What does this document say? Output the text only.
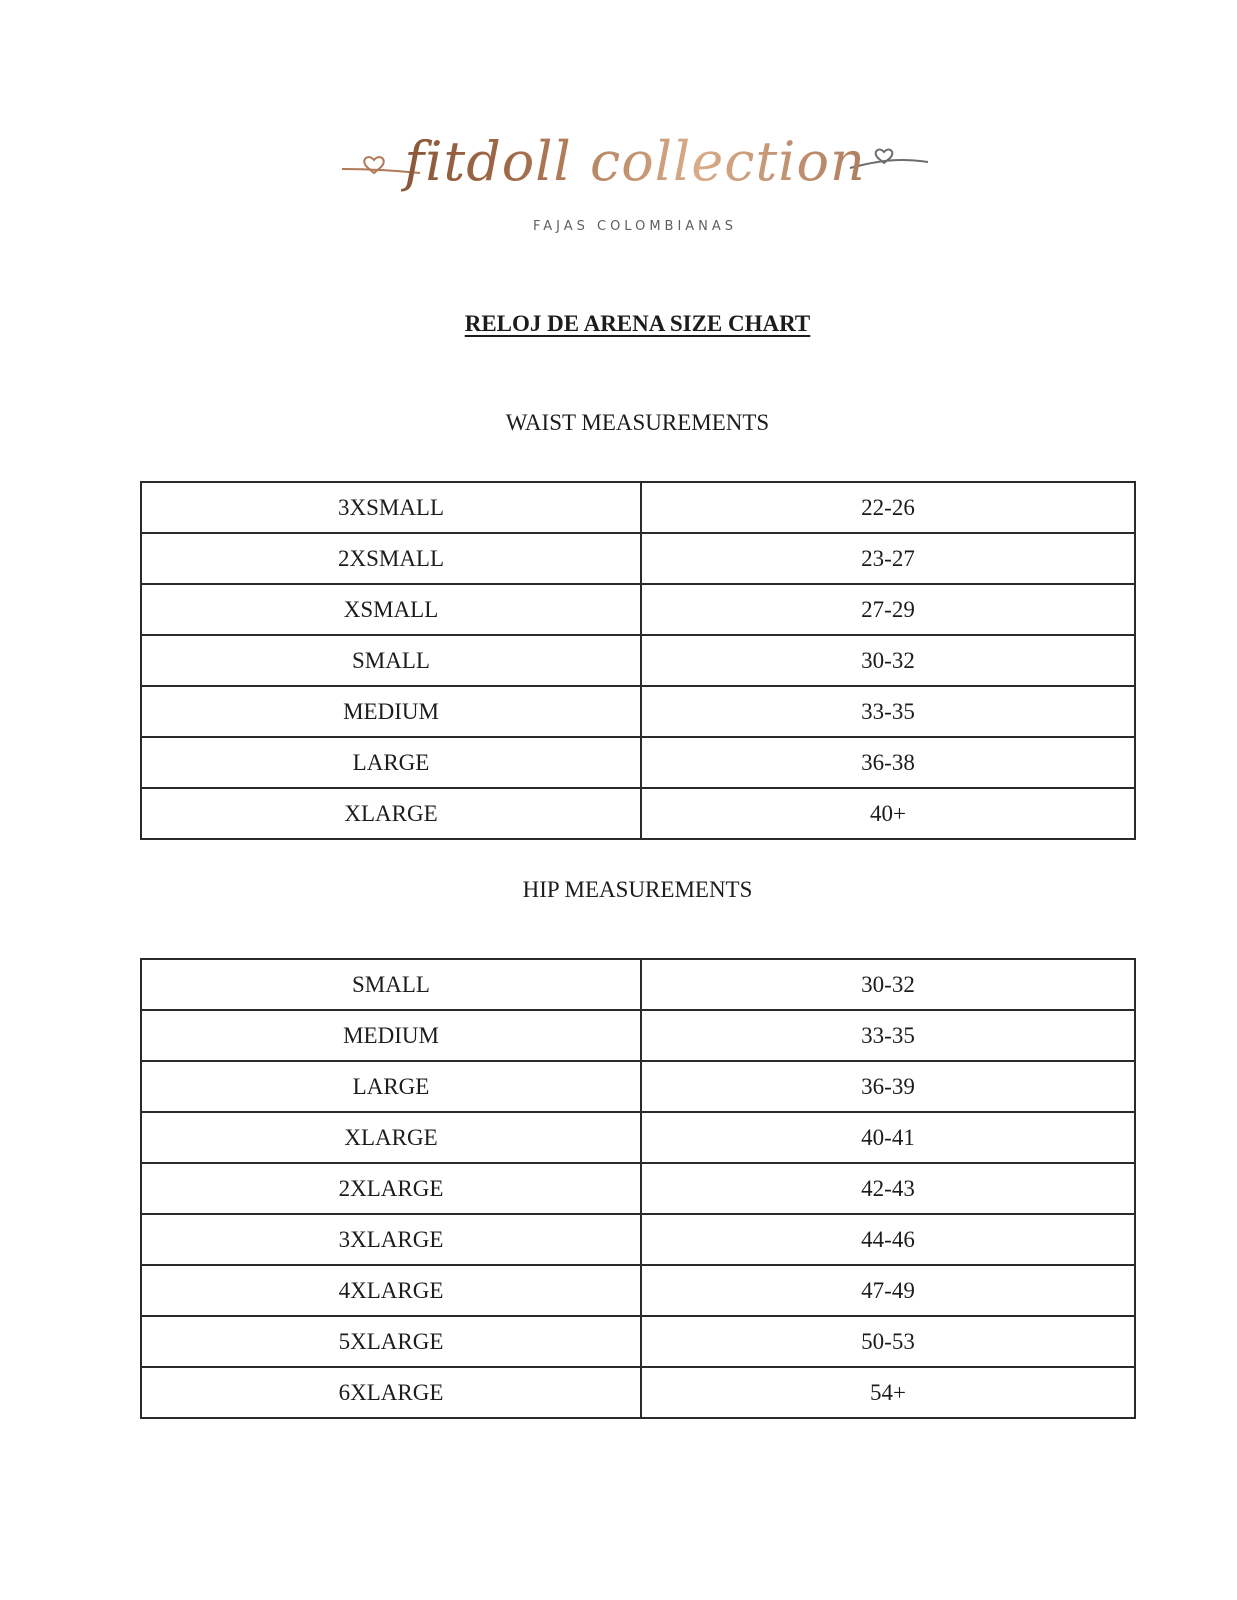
fitdoll collection
FAJAS COLOMBIANAS
RELOJ DE ARENA SIZE CHART
WAIST MEASUREMENTS
3XSMALL	22-26
2XSMALL	23-27
XSMALL	27-29
SMALL	30-32
MEDIUM	33-35
LARGE	36-38
XLARGE	40+
HIP MEASUREMENTS
SMALL	30-32
MEDIUM	33-35
LARGE	36-39
XLARGE	40-41
2XLARGE	42-43
3XLARGE	44-46
4XLARGE	47-49
5XLARGE	50-53
6XLARGE	54+
